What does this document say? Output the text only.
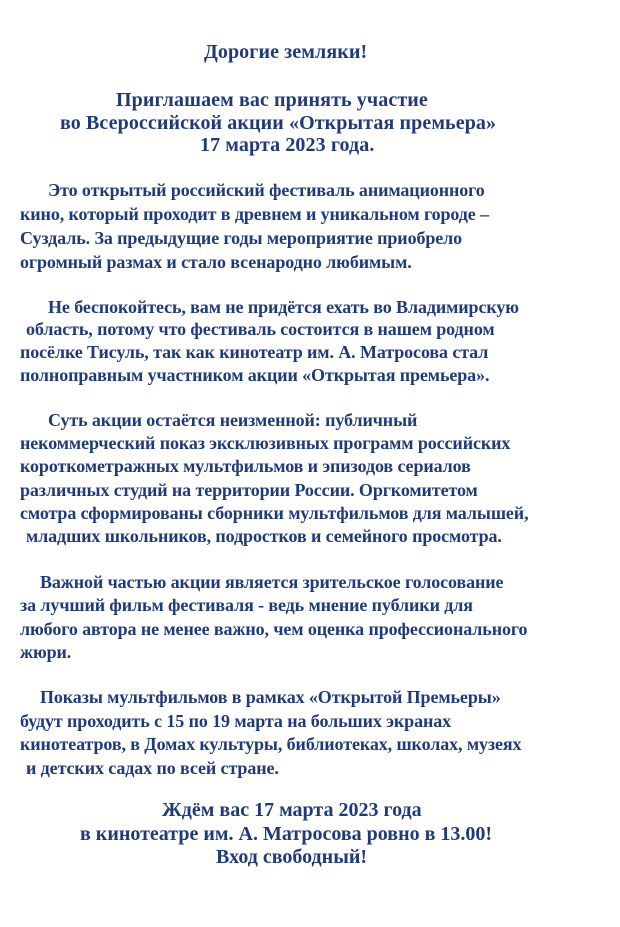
Дорогие земляки!
Приглашаем вас принять участие
во Всероссийской акции «Открытая премьера»
17 марта 2023 года.
Это открытый российский фестиваль анимационного
кино, который проходит в древнем и уникальном городе –
Суздаль. За предыдущие годы мероприятие приобрело
огромный размах и стало всенародно любимым.
Не беспокойтесь, вам не придётся ехать во Владимирскую
область, потому что фестиваль состоится в нашем родном
посёлке Тисуль, так как кинотеатр им. А. Матросова стал
полноправным участником акции «Открытая премьера».
Суть акции остаётся неизменной: публичный
некоммерческий показ эксклюзивных программ российских
короткометражных мультфильмов и эпизодов сериалов
различных студий на территории России. Оргкомитетом
смотра сформированы сборники мультфильмов для малышей,
младших школьников, подростков и семейного просмотра.
Важной частью акции является зрительское голосование
за лучший фильм фестиваля - ведь мнение публики для
любого автора не менее важно, чем оценка профессионального
жюри.
Показы мультфильмов в рамках «Открытой Премьеры»
будут проходить с 15 по 19 марта на больших экранах
кинотеатров, в Домах культуры, библиотеках, школах, музеях
и детских садах по всей стране.
Ждём вас 17 марта 2023 года
в кинотеатре им. А. Матросова ровно в 13.00!
Вход свободный!
